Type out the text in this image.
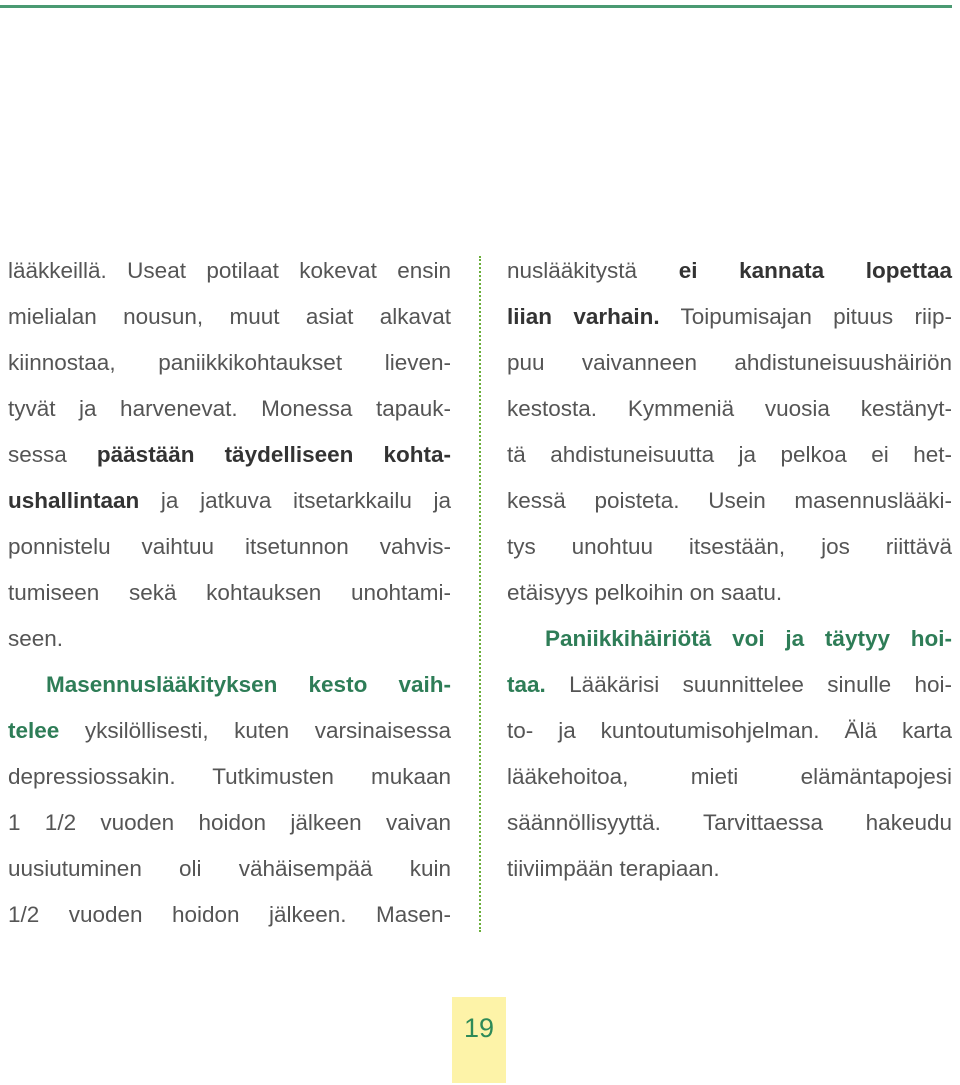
lääkkeillä. Useat potilaat kokevat ensin
mielialan nousun, muut asiat alkavat
kiinnostaa, paniikkikohtaukset lieven-
tyvät ja harvenevat. Monessa tapauk-
sessa päästään täydelliseen kohta-
ushallintaan ja jatkuva itsetarkkailu ja
ponnistelu vaihtuu itsetunnon vahvis-
tumiseen sekä kohtauksen unohtami-
seen.
Masennuslääkityksen kesto vaih-
telee yksilöllisesti, kuten varsinaisessa
depressiossakin. Tutkimusten mukaan
1 1/2 vuoden hoidon jälkeen vaivan
uusiutuminen oli vähäisempää kuin
1/2 vuoden hoidon jälkeen. Masen-
nuslääkitystä ei kannata lopettaa
liian varhain. Toipumisajan pituus riip-
puu vaivanneen ahdistuneisuushäiriön
kestosta. Kymmeniä vuosia kestänyt-
tä ahdistuneisuutta ja pelkoa ei het-
kessä poisteta. Usein masennuslääki-
tys unohtuu itsestään, jos riittävä
etäisyys pelkoihin on saatu.
Paniikkihäiriötä voi ja täytyy hoi-
taa. Lääkärisi suunnittelee sinulle hoi-
to- ja kuntoutumisohjelman. Älä karta
lääkehoitoa, mieti elämäntapojesi
säännöllisyyttä. Tarvittaessa hakeudu
tiiviimpään terapiaan.
19
